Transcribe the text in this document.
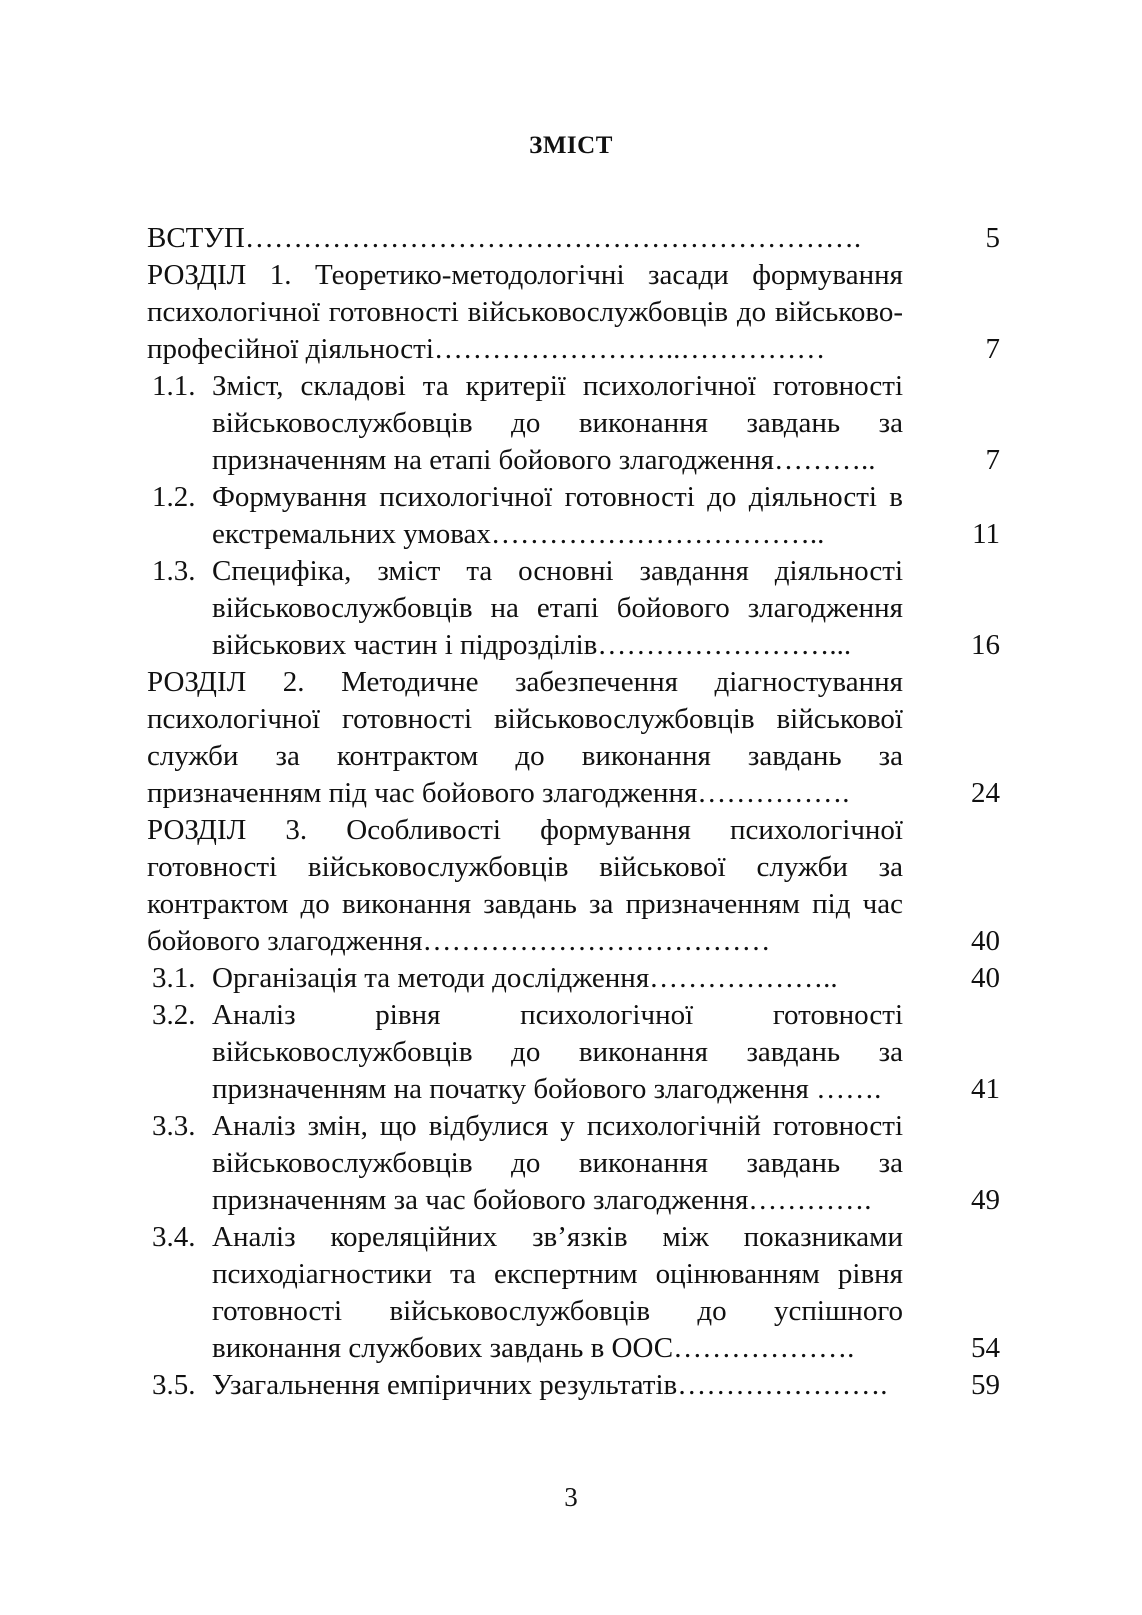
ЗМІСТ
ВСТУП……………………………………………………….	5
РОЗДІЛ 1. Теоретико-методологічні засади формування
психологічної готовності військовослужбовців до військово-
професійної діяльності……………………..……………	7
1.1. Зміст, складові та критерії психологічної готовності
військовослужбовців до виконання завдань за
призначенням на етапі бойового злагодження………..	7
1.2. Формування психологічної готовності до діяльності в
екстремальних умовах……………………………..	11
1.3. Специфіка, зміст та основні завдання діяльності
військовослужбовців на етапі бойового злагодження
військових частин і підрозділів……………………...	16
РОЗДІЛ 2. Методичне забезпечення діагностування
психологічної готовності військовослужбовців військової
служби за контрактом до виконання завдань за
призначенням під час бойового злагодження…………….	24
РОЗДІЛ 3. Особливості формування психологічної
готовності військовослужбовців військової служби за
контрактом до виконання завдань за призначенням під час
бойового злагодження………………………………	40
3.1. Організація та методи дослідження………………..	40
3.2. Аналіз рівня психологічної готовності
військовослужбовців до виконання завдань за
призначенням на початку бойового злагодження …….	41
3.3. Аналіз змін, що відбулися у психологічній готовності
військовослужбовців до виконання завдань за
призначенням за час бойового злагодження………….	49
3.4. Аналіз кореляційних зв’язків між показниками
психодіагностики та експертним оцінюванням рівня
готовності військовослужбовців до успішного
виконання службових завдань в ООС……………….	54
3.5. Узагальнення емпіричних результатів………………….	59
3
